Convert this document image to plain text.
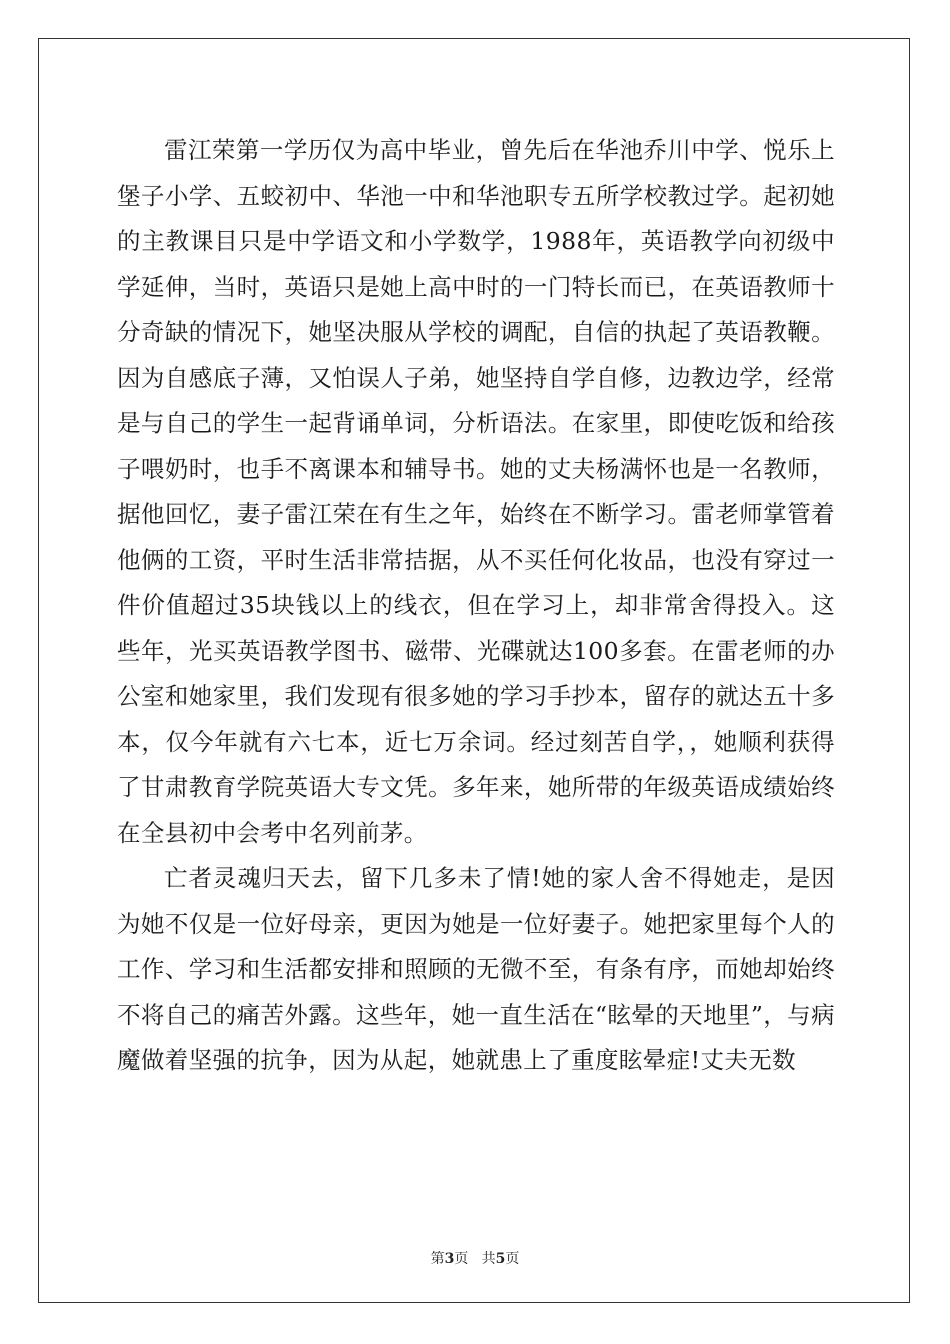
雷江荣第一学历仅为高中毕业，曾先后在华池乔川中学、悦乐上堡子小学、五蛟初中、华池一中和华池职专五所学校教过学。起初她的主教课目只是中学语文和小学数学，1988年，英语教学向初级中学延伸，当时，英语只是她上高中时的一门特长而已，在英语教师十分奇缺的情况下，她坚决服从学校的调配，自信的执起了英语教鞭。因为自感底子薄，又怕误人子弟，她坚持自学自修，边教边学，经常是与自己的学生一起背诵单词，分析语法。在家里，即使吃饭和给孩子喂奶时，也手不离课本和辅导书。她的丈夫杨满怀也是一名教师，据他回忆，妻子雷江荣在有生之年，始终在不断学习。雷老师掌管着他俩的工资，平时生活非常拮据，从不买任何化妆品，也没有穿过一件价值超过35块钱以上的线衣，但在学习上，却非常舍得投入。这些年，光买英语教学图书、磁带、光碟就达100多套。在雷老师的办公室和她家里，我们发现有很多她的学习手抄本，留存的就达五十多本，仅今年就有六七本，近七万余词。经过刻苦自学，，她顺利获得了甘肃教育学院英语大专文凭。多年来，她所带的年级英语成绩始终在全县初中会考中名列前茅。

亡者灵魂归天去，留下几多未了情!她的家人舍不得她走，是因为她不仅是一位好母亲，更因为她是一位好妻子。她把家里每个人的工作、学习和生活都安排和照顾的无微不至，有条有序，而她却始终不将自己的痛苦外露。这些年，她一直生活在“眩晕的天地里”，与病魔做着坚强的抗争，因为从起，她就患上了重度眩晕症!丈夫无数

第3页 共5页
